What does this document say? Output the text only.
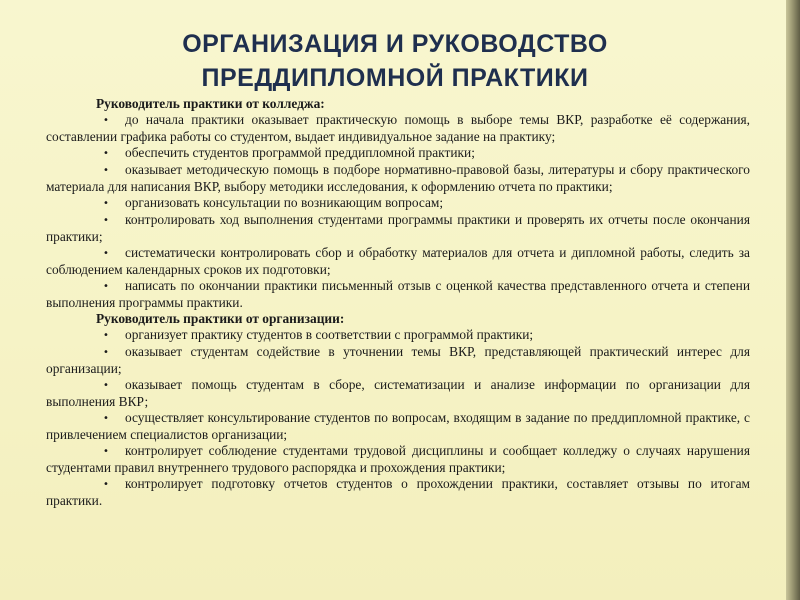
ОРГАНИЗАЦИЯ И РУКОВОДСТВО
ПРЕДДИПЛОМНОЙ ПРАКТИКИ

Руководитель практики от колледжа:

• до начала практики оказывает практическую помощь в выборе темы ВКР, разработке её содержания, составлении графика работы со студентом, выдает индивидуальное задание на практику;

• обеспечить студентов программой преддипломной практики;

• оказывает методическую помощь в подборе нормативно-правовой базы, литературы и сбору практического материала для написания ВКР, выбору методики исследования, к оформлению отчета по практики;

• организовать консультации по возникающим вопросам;

• контролировать ход выполнения студентами программы практики и проверять их отчеты после окончания практики;

• систематически контролировать сбор и обработку материалов для отчета и дипломной работы, следить за соблюдением календарных сроков их подготовки;

• написать по окончании практики письменный отзыв с оценкой качества представленного отчета и степени выполнения программы практики.

Руководитель практики от организации:

• организует практику студентов в соответствии с программой практики;

• оказывает студентам содействие в уточнении темы ВКР, представляющей практический интерес для организации;

• оказывает помощь студентам в сборе, систематизации и анализе информации по организации для выполнения ВКР;

• осуществляет консультирование студентов по вопросам, входящим в задание по преддипломной практике, с привлечением специалистов организации;

• контролирует соблюдение студентами трудовой дисциплины и сообщает колледжу о случаях нарушения студентами правил внутреннего трудового распорядка и прохождения практики;

• контролирует подготовку отчетов студентов о прохождении практики, составляет отзывы по итогам практики.
